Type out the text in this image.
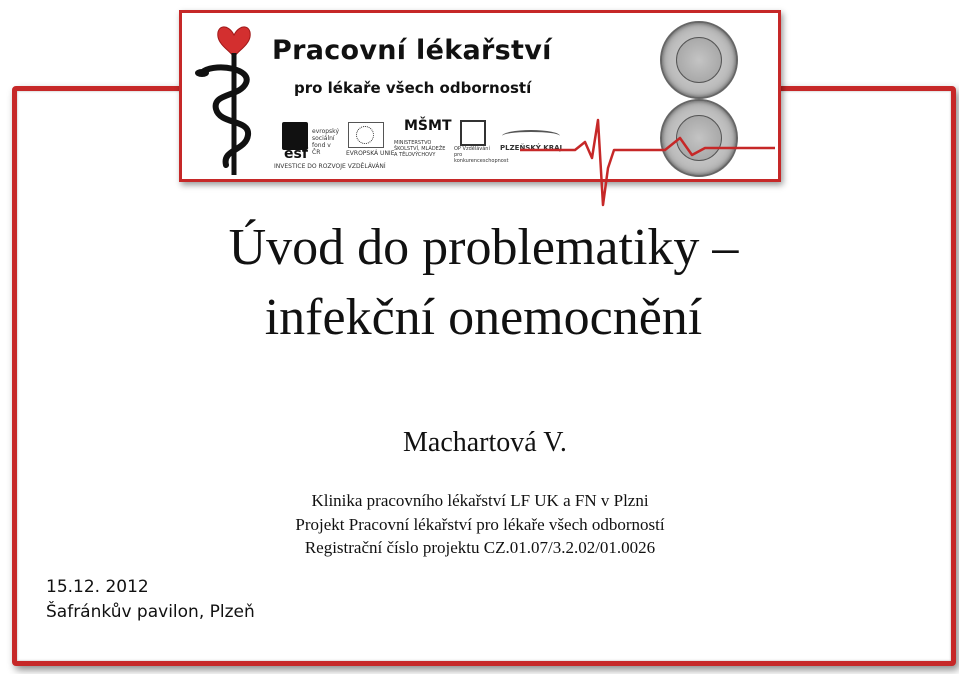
Pracovní lékařství
pro lékaře všech odborností
esf
evropský sociální fond v ČR	EVROPSKÁ UNIE
MŠMT
MINISTERSTVO ŠKOLSTVÍ, MLÁDEŽE A TĚLOVÝCHOVY
OP Vzdělávání pro konkurenceschopnost
PLZEŇSKÝ KRAJ
INVESTICE DO ROZVOJE VZDĚLÁVÁNÍ
Úvod do problematiky –
infekční onemocnění
Machartová V.
Klinika pracovního lékařství LF UK a FN v Plzni
Projekt Pracovní lékařství pro lékaře všech odborností
Registrační číslo projektu CZ.01.07/3.2.02/01.0026
15.12. 2012
Šafránkův pavilon, Plzeň
